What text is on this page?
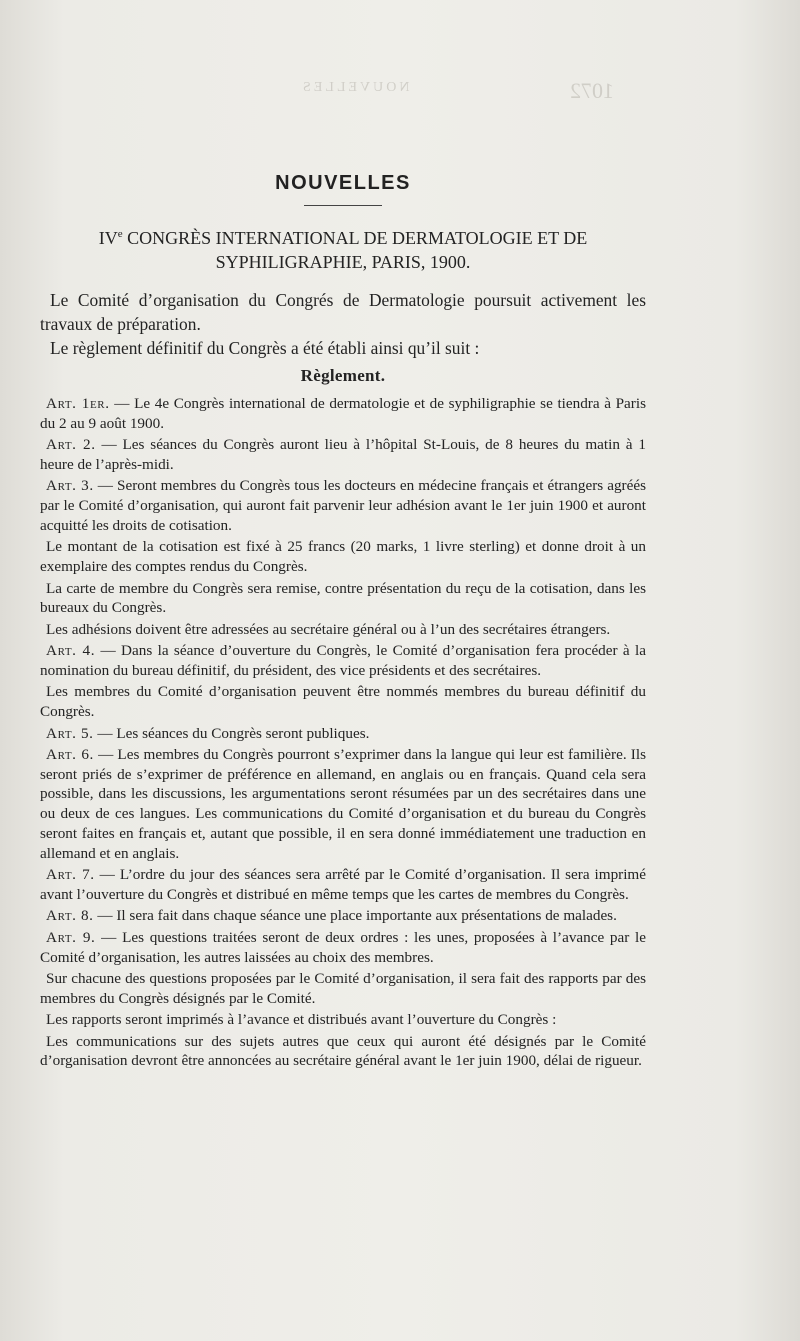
1072
NOUVELLES
NOUVELLES
IVe CONGRÈS INTERNATIONAL DE DERMATOLOGIE ET DE
SYPHILIGRAPHIE, PARIS, 1900.

Le Comité d’organisation du Congrés de Dermatologie poursuit activement les travaux de préparation.

Le règlement définitif du Congrès a été établi ainsi qu’il suit :

Règlement.

Art. 1er. — Le 4e Congrès international de dermatologie et de syphiligraphie se tiendra à Paris du 2 au 9 août 1900.

Art. 2. — Les séances du Congrès auront lieu à l’hôpital St-Louis, de 8 heures du matin à 1 heure de l’après-midi.

Art. 3. — Seront membres du Congrès tous les docteurs en médecine français et étrangers agréés par le Comité d’organisation, qui auront fait parvenir leur adhésion avant le 1er juin 1900 et auront acquitté les droits de cotisation.

Le montant de la cotisation est fixé à 25 francs (20 marks, 1 livre sterling) et donne droit à un exemplaire des comptes rendus du Congrès.

La carte de membre du Congrès sera remise, contre présentation du reçu de la cotisation, dans les bureaux du Congrès.

Les adhésions doivent être adressées au secrétaire général ou à l’un des secrétaires étrangers.

Art. 4. — Dans la séance d’ouverture du Congrès, le Comité d’organisation fera procéder à la nomination du bureau définitif, du président, des vice présidents et des secrétaires.

Les membres du Comité d’organisation peuvent être nommés membres du bureau définitif du Congrès.

Art. 5. — Les séances du Congrès seront publiques.

Art. 6. — Les membres du Congrès pourront s’exprimer dans la langue qui leur est familière. Ils seront priés de s’exprimer de préférence en allemand, en anglais ou en français. Quand cela sera possible, dans les discussions, les argumentations seront résumées par un des secrétaires dans une ou deux de ces langues. Les communications du Comité d’organisation et du bureau du Congrès seront faites en français et, autant que possible, il en sera donné immédiatement une traduction en allemand et en anglais.

Art. 7. — L’ordre du jour des séances sera arrêté par le Comité d’organisation. Il sera imprimé avant l’ouverture du Congrès et distribué en même temps que les cartes de membres du Congrès.

Art. 8. — Il sera fait dans chaque séance une place importante aux présentations de malades.

Art. 9. — Les questions traitées seront de deux ordres : les unes, proposées à l’avance par le Comité d’organisation, les autres laissées au choix des membres.

Sur chacune des questions proposées par le Comité d’organisation, il sera fait des rapports par des membres du Congrès désignés par le Comité.

Les rapports seront imprimés à l’avance et distribués avant l’ouverture du Congrès :

Les communications sur des sujets autres que ceux qui auront été désignés par le Comité d’organisation devront être annoncées au secrétaire général avant le 1er juin 1900, délai de rigueur.
